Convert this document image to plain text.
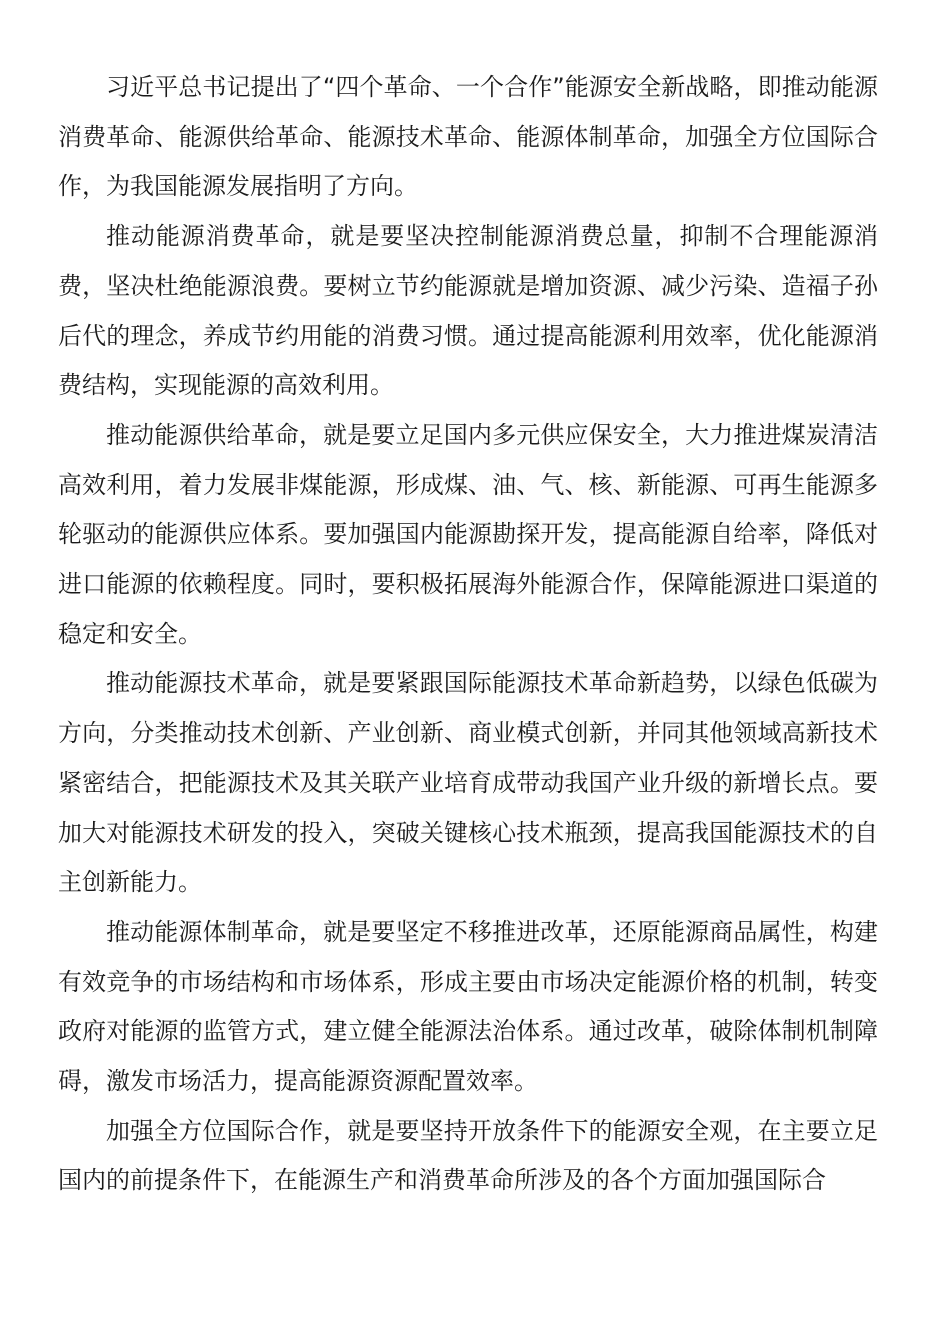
习近平总书记提出了“四个革命、一个合作”能源安全新战略，即推动能源消费革命、能源供给革命、能源技术革命、能源体制革命，加强全方位国际合作，为我国能源发展指明了方向。

推动能源消费革命，就是要坚决控制能源消费总量，抑制不合理能源消费，坚决杜绝能源浪费。要树立节约能源就是增加资源、减少污染、造福子孙后代的理念，养成节约用能的消费习惯。通过提高能源利用效率，优化能源消费结构，实现能源的高效利用。

推动能源供给革命，就是要立足国内多元供应保安全，大力推进煤炭清洁高效利用，着力发展非煤能源，形成煤、油、气、核、新能源、可再生能源多轮驱动的能源供应体系。要加强国内能源勘探开发，提高能源自给率，降低对进口能源的依赖程度。同时，要积极拓展海外能源合作，保障能源进口渠道的稳定和安全。

推动能源技术革命，就是要紧跟国际能源技术革命新趋势，以绿色低碳为方向，分类推动技术创新、产业创新、商业模式创新，并同其他领域高新技术紧密结合，把能源技术及其关联产业培育成带动我国产业升级的新增长点。要加大对能源技术研发的投入，突破关键核心技术瓶颈，提高我国能源技术的自主创新能力。

推动能源体制革命，就是要坚定不移推进改革，还原能源商品属性，构建有效竞争的市场结构和市场体系，形成主要由市场决定能源价格的机制，转变政府对能源的监管方式，建立健全能源法治体系。通过改革，破除体制机制障碍，激发市场活力，提高能源资源配置效率。

加强全方位国际合作，就是要坚持开放条件下的能源安全观，在主要立足国内的前提条件下，在能源生产和消费革命所涉及的各个方面加强国际合
